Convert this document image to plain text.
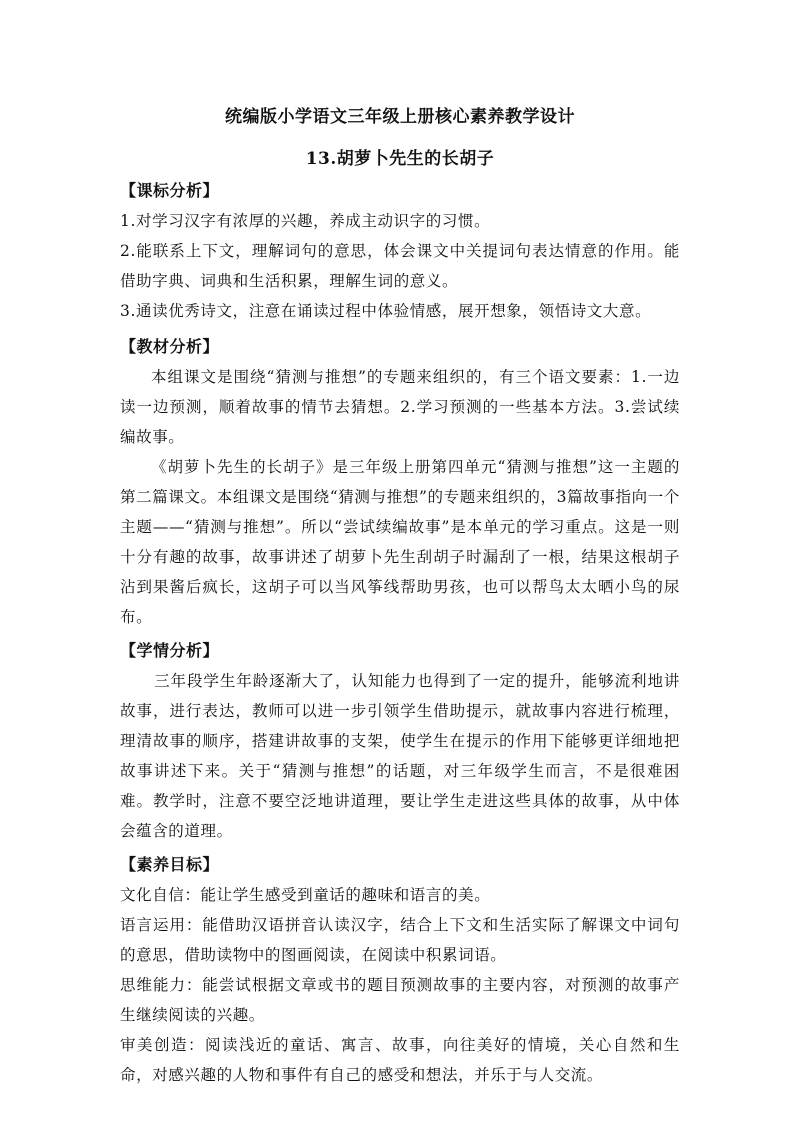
统编版小学语文三年级上册核心素养教学设计
13.胡萝卜先生的长胡子
【课标分析】

1.对学习汉字有浓厚的兴趣，养成主动识字的习惯。

2.能联系上下文，理解词句的意思，体会课文中关提词句表达情意的作用。能借助字典、词典和生活积累，理解生词的意义。

3.通读优秀诗文，注意在诵读过程中体验情感，展开想象，领悟诗文大意。

【教材分析】

本组课文是围绕“猜测与推想”的专题来组织的，有三个语文要素：1.一边读一边预测，顺着故事的情节去猜想。2.学习预测的一些基本方法。3.尝试续编故事。

《胡萝卜先生的长胡子》是三年级上册第四单元“猜测与推想”这一主题的第二篇课文。本组课文是围绕“猜测与推想”的专题来组织的，3篇故事指向一个主题——“猜测与推想”。所以“尝试续编故事”是本单元的学习重点。这是一则十分有趣的故事，故事讲述了胡萝卜先生刮胡子时漏刮了一根，结果这根胡子沾到果酱后疯长，这胡子可以当风筝线帮助男孩，也可以帮鸟太太晒小鸟的尿布。

【学情分析】

三年段学生年龄逐渐大了，认知能力也得到了一定的提升，能够流利地讲故事，进行表达，教师可以进一步引领学生借助提示，就故事内容进行梳理，理清故事的顺序，搭建讲故事的支架，使学生在提示的作用下能够更详细地把故事讲述下来。关于“猜测与推想”的话题，对三年级学生而言，不是很难困难。教学时，注意不要空泛地讲道理，要让学生走进这些具体的故事，从中体会蕴含的道理。

【素养目标】

文化自信：能让学生感受到童话的趣味和语言的美。

语言运用：能借助汉语拼音认读汉字，结合上下文和生活实际了解课文中词句的意思，借助读物中的图画阅读，在阅读中积累词语。

思维能力：能尝试根据文章或书的题目预测故事的主要内容，对预测的故事产生继续阅读的兴趣。

审美创造：阅读浅近的童话、寓言、故事，向往美好的情境，关心自然和生命，对感兴趣的人物和事件有自己的感受和想法，并乐于与人交流。
